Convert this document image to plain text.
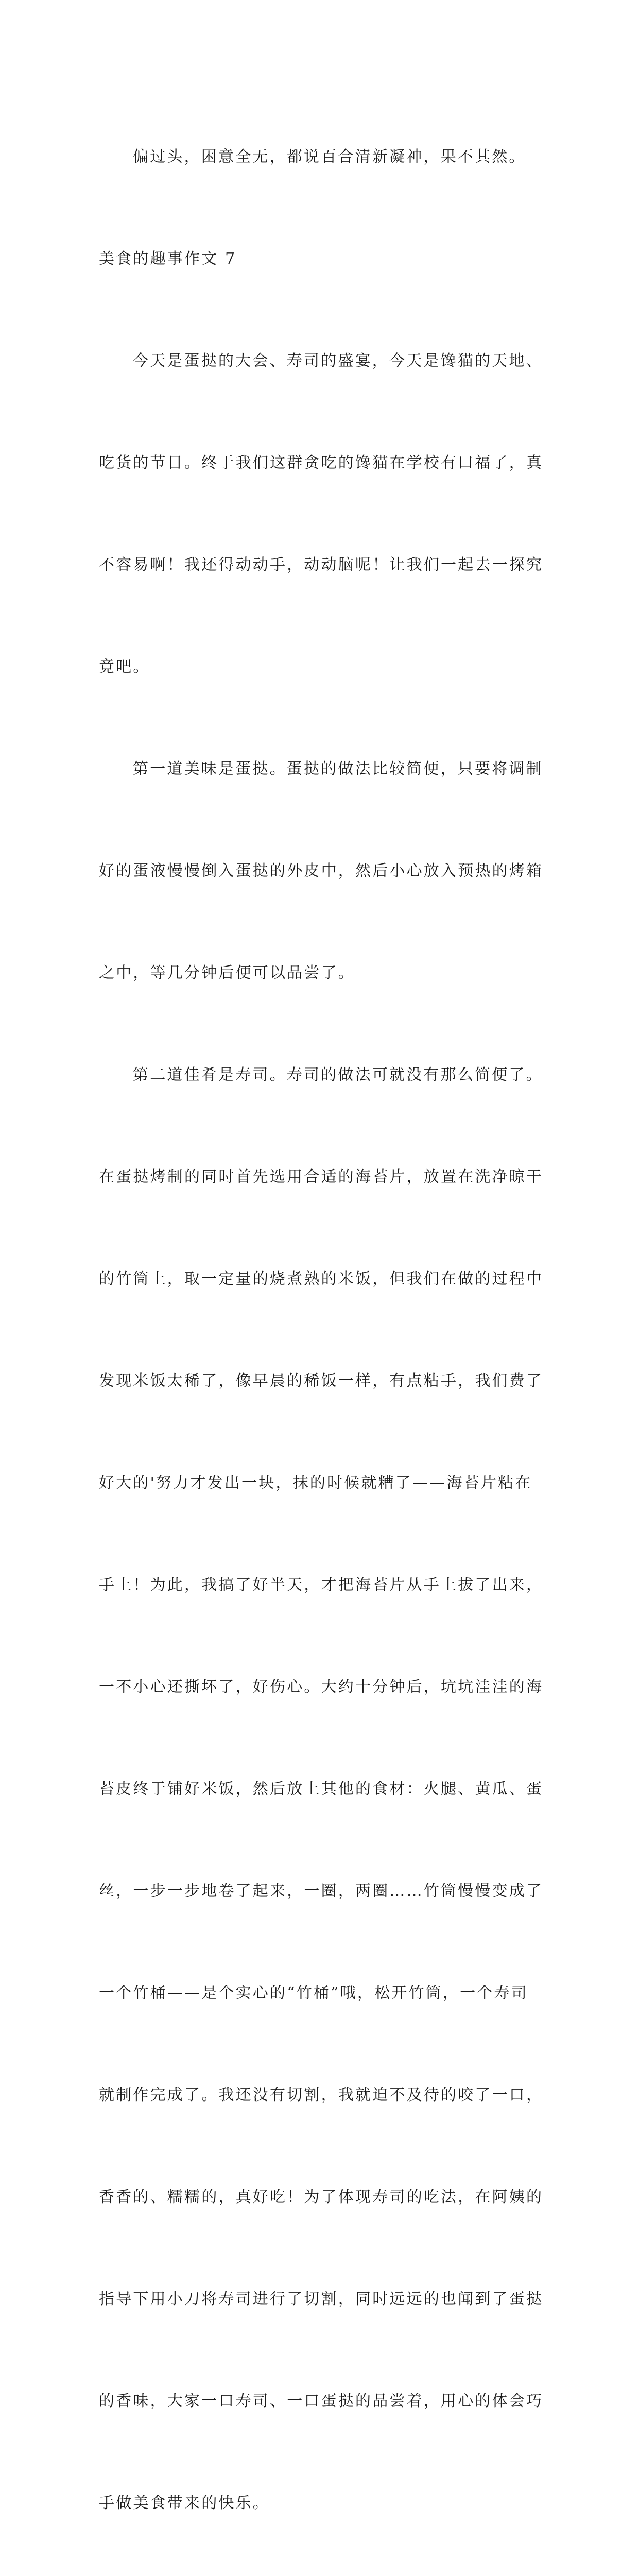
偏过头，困意全无，都说百合清新凝神，果不其然。

美食的趣事作文 7

今天是蛋挞的大会、寿司的盛宴，今天是馋猫的天地、

吃货的节日。终于我们这群贪吃的馋猫在学校有口福了，真

不容易啊！我还得动动手，动动脑呢！让我们一起去一探究

竟吧。

第一道美味是蛋挞。蛋挞的做法比较简便，只要将调制

好的蛋液慢慢倒入蛋挞的外皮中，然后小心放入预热的烤箱

之中，等几分钟后便可以品尝了。

第二道佳肴是寿司。寿司的做法可就没有那么简便了。

在蛋挞烤制的同时首先选用合适的海苔片，放置在洗净晾干

的竹筒上，取一定量的烧煮熟的米饭，但我们在做的过程中

发现米饭太稀了，像早晨的稀饭一样，有点粘手，我们费了

好大的'努力才发出一块，抹的时候就糟了——海苔片粘在

手上！为此，我搞了好半天，才把海苔片从手上拔了出来，

一不小心还撕坏了，好伤心。大约十分钟后，坑坑洼洼的海

苔皮终于铺好米饭，然后放上其他的食材：火腿、黄瓜、蛋

丝，一步一步地卷了起来，一圈，两圈……竹筒慢慢变成了

一个竹桶——是个实心的“竹桶”哦，松开竹筒，一个寿司

就制作完成了。我还没有切割，我就迫不及待的咬了一口，

香香的、糯糯的，真好吃！为了体现寿司的吃法，在阿姨的

指导下用小刀将寿司进行了切割，同时远远的也闻到了蛋挞

的香味，大家一口寿司、一口蛋挞的品尝着，用心的体会巧

手做美食带来的快乐。
